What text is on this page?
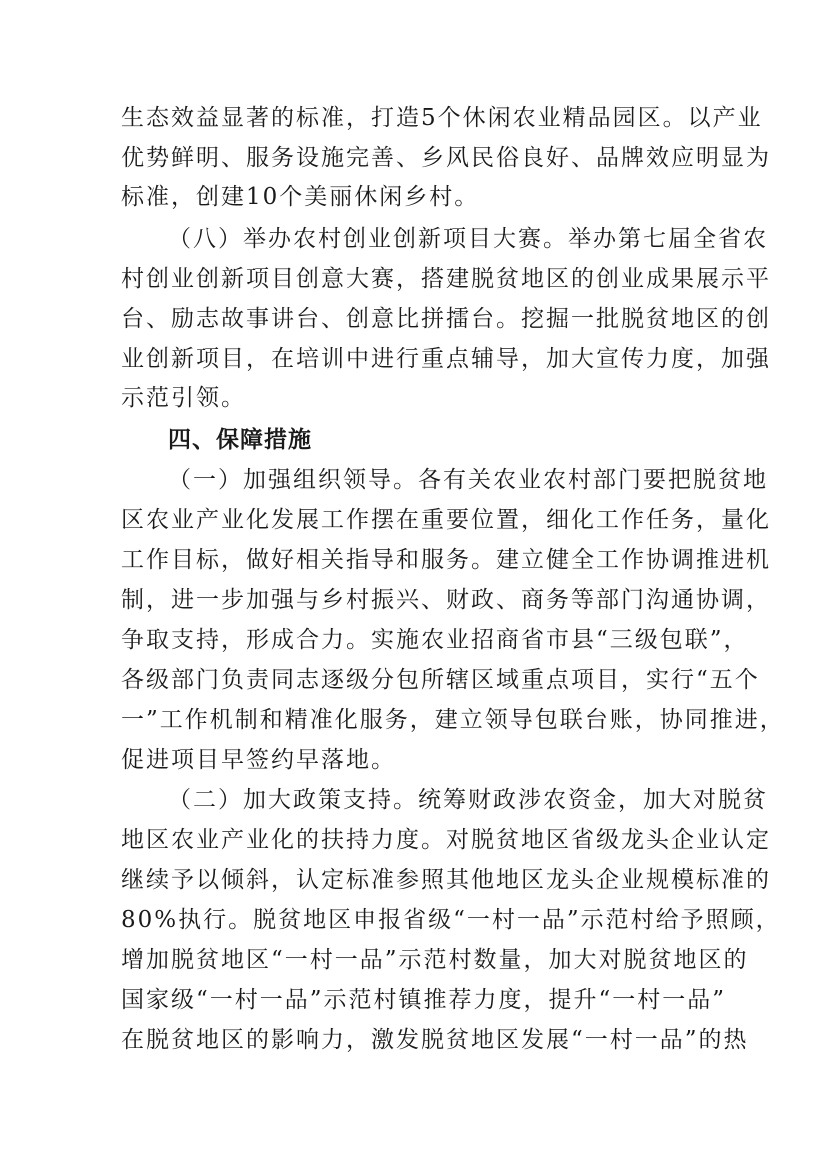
生态效益显著的标准，打造5个休闲农业精品园区。以产业
优势鲜明、服务设施完善、乡风民俗良好、品牌效应明显为
标准，创建10个美丽休闲乡村。
（八）举办农村创业创新项目大赛。举办第七届全省农
村创业创新项目创意大赛，搭建脱贫地区的创业成果展示平
台、励志故事讲台、创意比拼擂台。挖掘一批脱贫地区的创
业创新项目，在培训中进行重点辅导，加大宣传力度，加强
示范引领。
四、保障措施
（一）加强组织领导。各有关农业农村部门要把脱贫地
区农业产业化发展工作摆在重要位置，细化工作任务，量化
工作目标，做好相关指导和服务。建立健全工作协调推进机
制，进一步加强与乡村振兴、财政、商务等部门沟通协调，
争取支持，形成合力。实施农业招商省市县“三级包联”，
各级部门负责同志逐级分包所辖区域重点项目，实行“五个
一”工作机制和精准化服务，建立领导包联台账，协同推进，
促进项目早签约早落地。
（二）加大政策支持。统筹财政涉农资金，加大对脱贫
地区农业产业化的扶持力度。对脱贫地区省级龙头企业认定
继续予以倾斜，认定标准参照其他地区龙头企业规模标准的
80%执行。脱贫地区申报省级“一村一品”示范村给予照顾，
增加脱贫地区“一村一品”示范村数量，加大对脱贫地区的
国家级“一村一品”示范村镇推荐力度，提升“一村一品”
在脱贫地区的影响力，激发脱贫地区发展“一村一品”的热
